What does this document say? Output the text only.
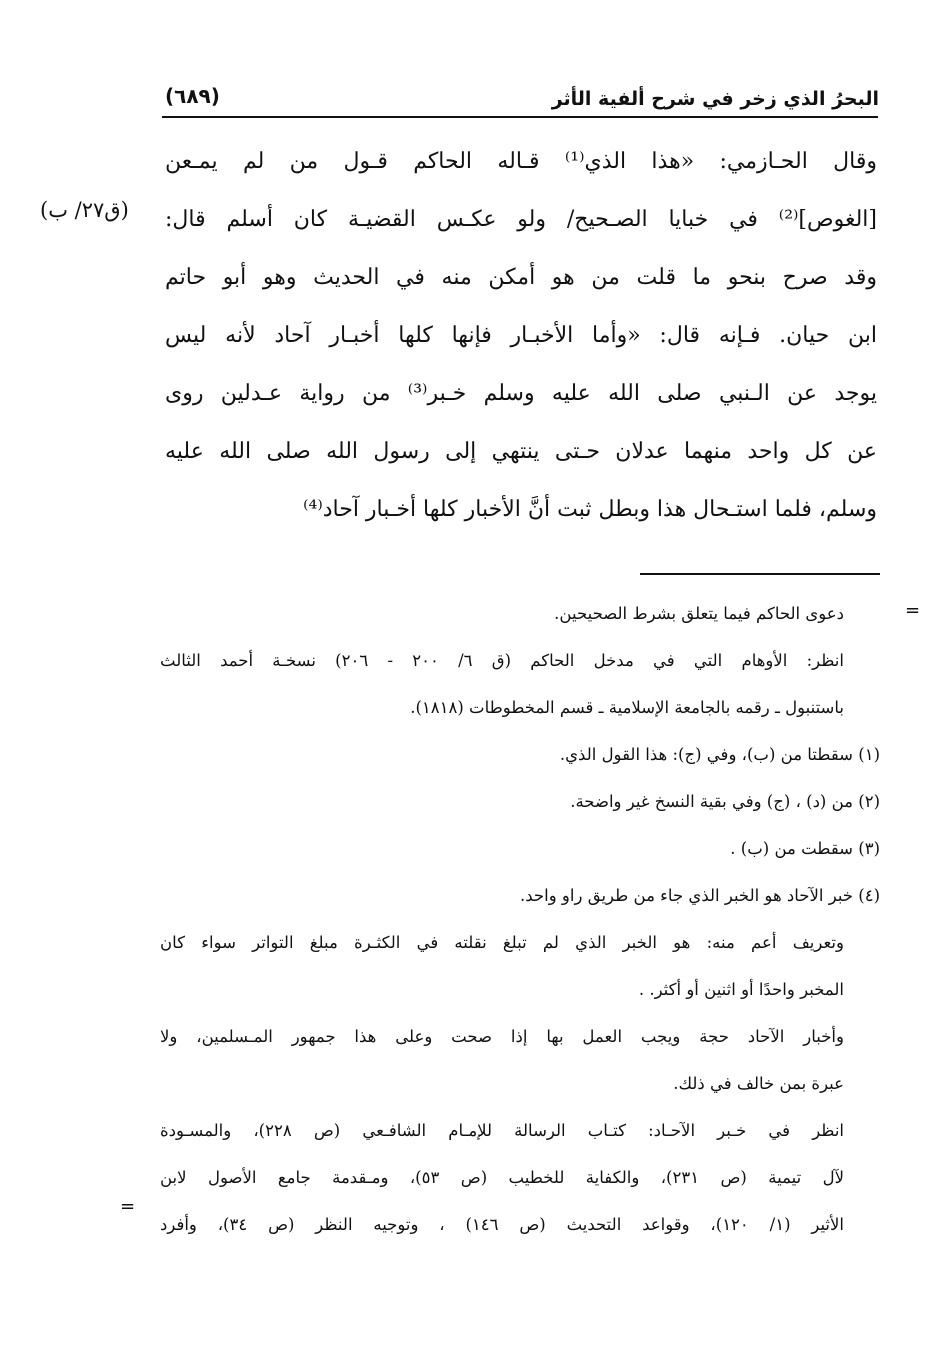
البحرُ الذي زخر في شرح ألفية الأثر
(٦٨٩)
(ق٢٧/ ب)
وقال الحـازمي: «هذا الذي⁽¹⁾ قـاله الحاكم قـول من لم يمـعن
[الغوص]⁽²⁾ في خبايا الصـحيح/ ولو عكـس القضيـة كان أسلم قال:
وقد صرح بنحو ما قلت من هو أمكن منه في الحديث وهو أبو حاتم
ابن حيان. فـإنه قال: «وأما الأخبـار فإنها كلها أخبـار آحاد لأنه ليس
يوجد عن الـنبي صلى الله عليه وسلم خـبر⁽³⁾ من رواية عـدلين روى
عن كل واحد منهما عدلان حـتى ينتهي إلى رسول الله صلى الله عليه
وسلم، فلما استـحال هذا وبطل ثبت أنَّ الأخبار كلها أخـبار آحاد⁽⁴⁾
=
دعوى الحاكم فيما يتعلق بشرط الصحيحين.
انظر: الأوهام التي في مدخل الحاكم (ق ٦/ ٢٠٠ - ٢٠٦) نسخـة أحمد الثالث
باستنبول ـ رقمه بالجامعة الإسلامية ـ قسم المخطوطات (١٨١٨).
(١) سقطتا من (ب)، وفي (ج): هذا القول الذي.
(٢) من (د) ، (ج) وفي بقية النسخ غير واضحة.
(٣) سقطت من (ب) .
(٤) خبر الآحاد هو الخبر الذي جاء من طريق راو واحد.
وتعريف أعم منه: هو الخبر الذي لم تبلغ نقلته في الكثـرة مبلغ التواتر سواء كان
المخبر واحدًا أو اثنين أو أكثر. .
وأخبار الآحاد حجة ويجب العمل بها إذا صحت وعلى هذا جمهور المـسلمين، ولا
عبرة بمن خالف في ذلك.
انظر في خـبر الآحـاد: كتـاب الرسالة للإمـام الشافـعي (ص ٢٢٨)، والمسـودة
لآل تيمية (ص ٢٣١)، والكفاية للخطيب (ص ٥٣)، ومـقدمة جامع الأصول لابن
الأثير (١/ ١٢٠)، وقواعد التحديث (ص ١٤٦) ، وتوجيه النظر (ص ٣٤)، وأفرد
=
